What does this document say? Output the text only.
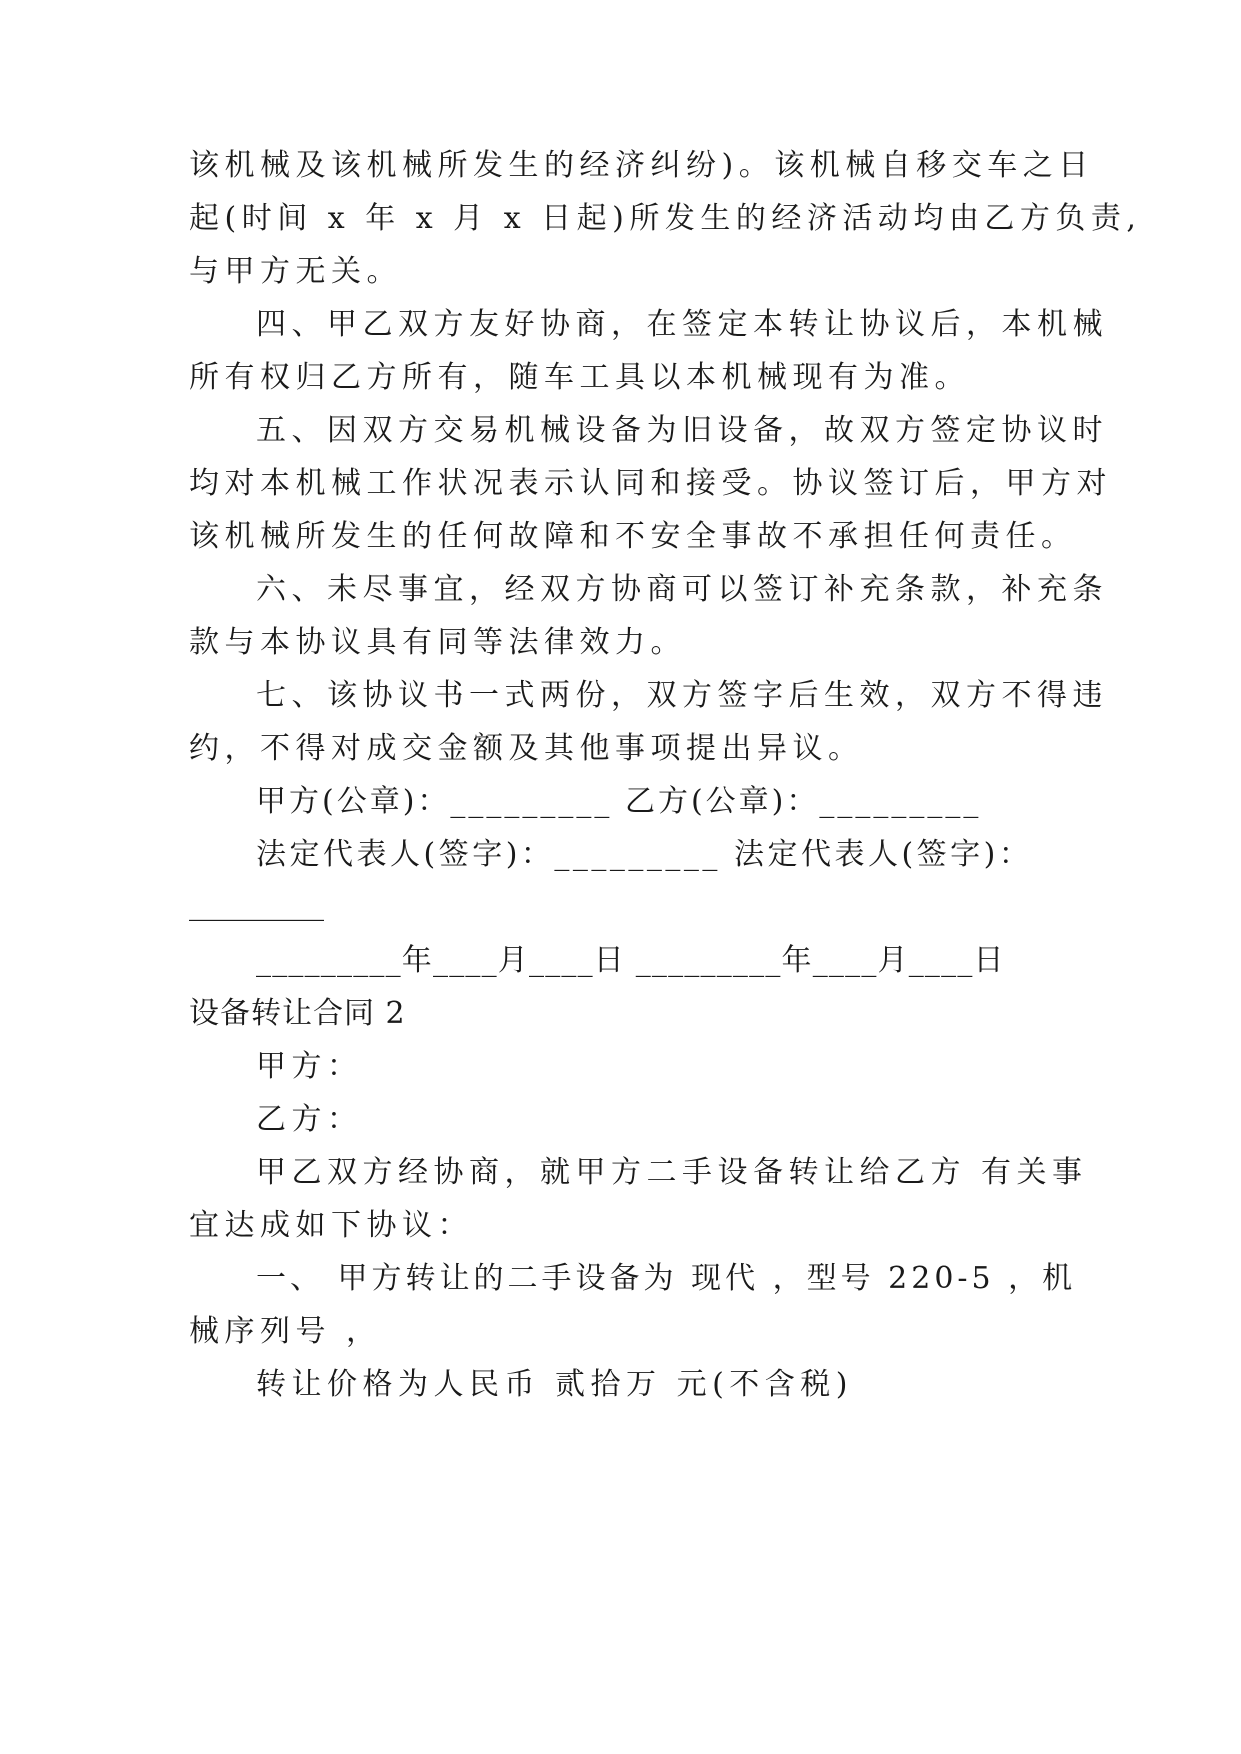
该机械及该机械所发生的经济纠纷)。该机械自移交车之日
起(时间 x 年 x 月 x 日起)所发生的经济活动均由乙方负责,
与甲方无关。
四、甲乙双方友好协商，在签定本转让协议后，本机械
所有权归乙方所有，随车工具以本机械现有为准。
五、因双方交易机械设备为旧设备，故双方签定协议时
均对本机械工作状况表示认同和接受。协议签订后，甲方对
该机械所发生的任何故障和不安全事故不承担任何责任。
六、未尽事宜，经双方协商可以签订补充条款，补充条
款与本协议具有同等法律效力。
七、该协议书一式两份，双方签字后生效，双方不得违
约，不得对成交金额及其他事项提出异议。
甲方(公章)：_________ 乙方(公章)：_________
法定代表人(签字)：_________ 法定代表人(签字)：
_________
_________年____月____日 _________年____月____日
设备转让合同 2
甲方：
乙方：
甲乙双方经协商，就甲方二手设备转让给乙方 有关事
宜达成如下协议：
一、 甲方转让的二手设备为 现代 ，型号 220-5 ，机
械序列号 ，
转让价格为人民币 贰拾万 元(不含税)
